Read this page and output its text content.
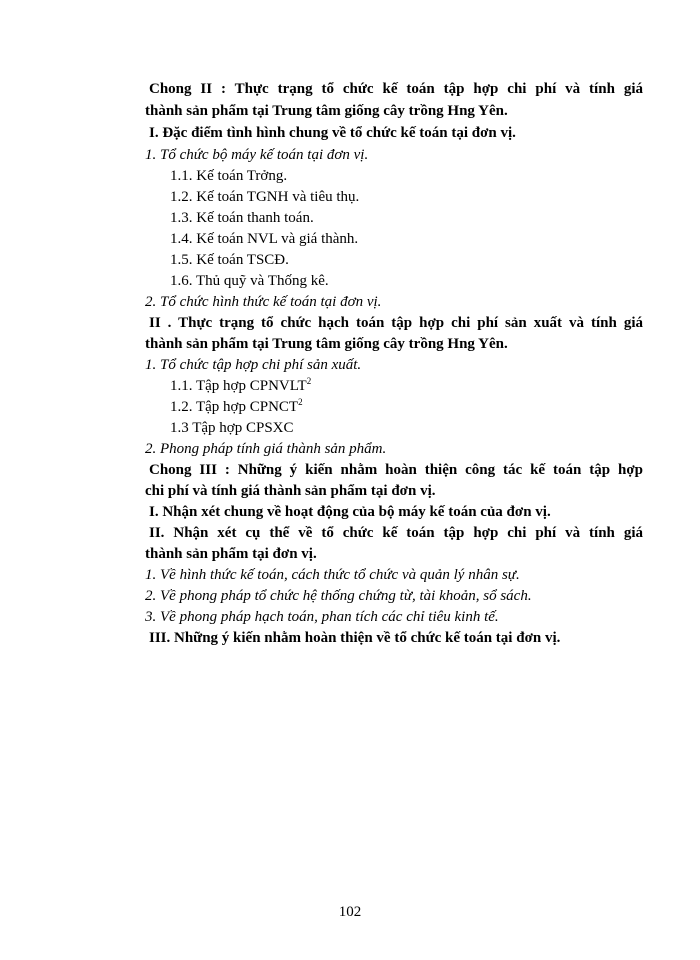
Chong II : Thực trạng tổ chức kế toán tập hợp chi phí và tính giá
thành sản phẩm tại Trung tâm giống cây trồng Hng Yên.
I. Đặc điểm tình hình chung về tổ chức kế toán tại đơn vị.
1. Tổ chức bộ máy kế toán tại đơn vị.
1.1. Kế toán Trởng.
1.2. Kế toán TGNH và tiêu thụ.
1.3. Kế toán thanh toán.
1.4. Kế toán NVL và giá thành.
1.5. Kế toán TSCĐ.
1.6. Thủ quỹ và Thống kê.
2. Tổ chức hình thức kế toán tại đơn vị.
II . Thực trạng tổ chức hạch toán tập hợp chi phí sản xuất và tính giá
thành sản phẩm tại Trung tâm giống cây trồng Hng Yên.
1. Tổ chức tập hợp chi phí sản xuất.
1.1. Tập hợp CPNVLT$^2$
1.2. Tập hợp CPNCT$^2$
1.3 Tập hợp CPSXC
2. Phong pháp tính giá thành sản phẩm.
Chong III : Những ý kiến nhằm hoàn thiện công tác kế toán tập hợp
chi phí và tính giá thành sản phẩm tại đơn vị.
I. Nhận xét chung về hoạt động của bộ máy kế toán của đơn vị.
II. Nhận xét cụ thể về tổ chức kế toán tập hợp chi phí và tính giá
thành sản phẩm tại đơn vị.
1. Về hình thức kế toán, cách thức tổ chức và quản lý nhân sự.
2. Về phong pháp tổ chức hệ thống chứng từ, tài khoản, sổ sách.
3. Về phong pháp hạch toán, phan tích các chỉ tiêu kinh tế.
III. Những ý kiến nhằm hoàn thiện về tổ chức kế toán tại đơn vị.
102
